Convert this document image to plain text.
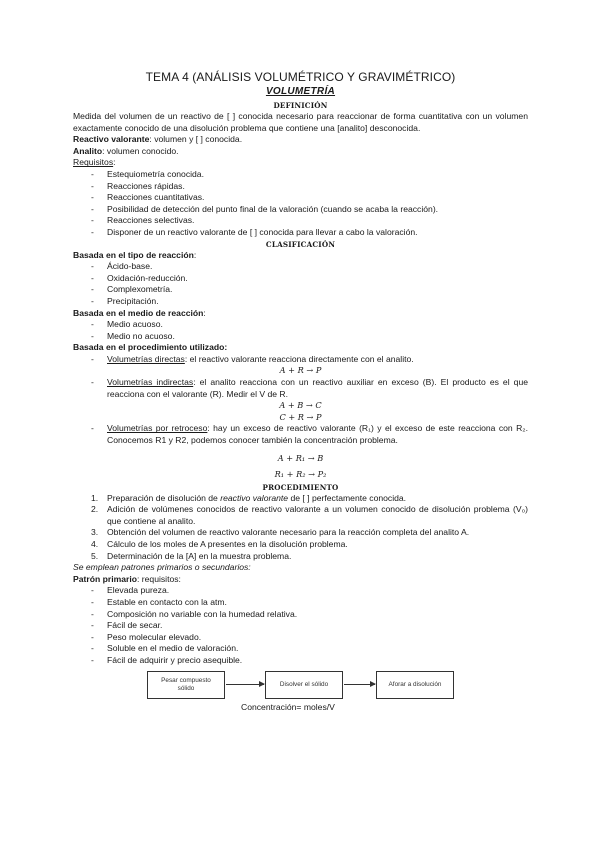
TEMA 4 (ANÁLISIS VOLUMÉTRICO Y GRAVIMÉTRICO)
VOLUMETRÍA
DEFINICIÓN

Medida del volumen de un reactivo de [ ] conocida necesario para reaccionar de forma cuantitativa con un volumen exactamente conocido de una disolución problema que contiene una [analito] desconocida.

Reactivo valorante: volumen y [ ] conocida.

Analito: volumen conocido.

Requisitos:

- Estequiometría conocida.
- Reacciones rápidas.
- Reacciones cuantitativas.
- Posibilidad de detección del punto final de la valoración (cuando se acaba la reacción).
- Reacciones selectivas.
- Disponer de un reactivo valorante de [ ] conocida para llevar a cabo la valoración.
CLASIFICACIÓN

Basada en el tipo de reacción:

- Ácido-base.
- Oxidación-reducción.
- Complexometría.
- Precipitación.

Basada en el medio de reacción:

- Medio acuoso.
- Medio no acuoso.

Basada en el procedimiento utilizado:

- Volumetrías directas: el reactivo valorante reacciona directamente con el analito.
A + R → P
- Volumetrías indirectas: el analito reacciona con un reactivo auxiliar en exceso (B). El producto es el que reacciona con el valorante (R). Medir el V de R.
A + B → C
C + R → P
- Volumetrías por retroceso: hay un exceso de reactivo valorante (R₁) y el exceso de este reacciona con R₂. Conocemos R1 y R2, podemos conocer también la concentración problema.
A + R₁ → B
R₁ + R₂ → P₂
PROCEDIMIENTO
1. Preparación de disolución de reactivo valorante de [ ] perfectamente conocida.
2. Adición de volúmenes conocidos de reactivo valorante a un volumen conocido de disolución problema (V₀) que contiene al analito.
3. Obtención del volumen de reactivo valorante necesario para la reacción completa del analito A.
4. Cálculo de los moles de A presentes en la disolución problema.
5. Determinación de la [A] en la muestra problema.

Se emplean patrones primarios o secundarios:

Patrón primario: requisitos:

- Elevada pureza.
- Estable en contacto con la atm.
- Composición no variable con la humedad relativa.
- Fácil de secar.
- Peso molecular elevado.
- Soluble en el medio de valoración.
- Fácil de adquirir y precio asequible.
Pesar compuesto sólido
Disolver el sólido	Aforar a disolución
Concentración= moles/V
